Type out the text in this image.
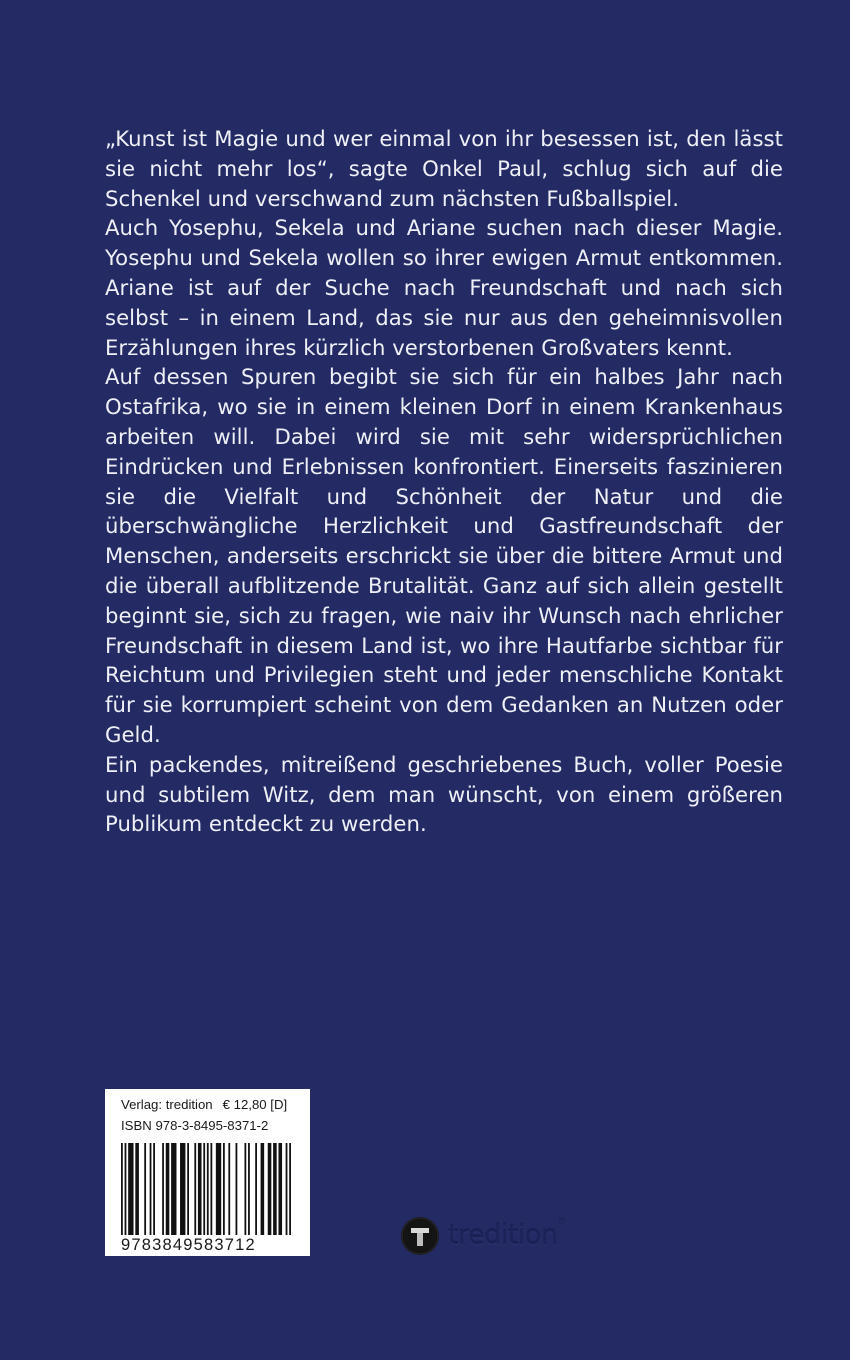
„Kunst ist Magie und wer einmal von ihr besessen ist, den lässt sie nicht mehr los“, sagte Onkel Paul, schlug sich auf die Schenkel und verschwand zum nächsten Fußballspiel.

Auch Yosephu, Sekela und Ariane suchen nach dieser Magie. Yosephu und Sekela wollen so ihrer ewigen Armut entkommen. Ariane ist auf der Suche nach Freundschaft und nach sich selbst – in einem Land, das sie nur aus den geheimnisvollen Erzählungen ihres kürzlich verstorbenen Großvaters kennt.

Auf dessen Spuren begibt sie sich für ein halbes Jahr nach Ostafrika, wo sie in einem kleinen Dorf in einem Krankenhaus arbeiten will. Dabei wird sie mit sehr widersprüchlichen Eindrücken und Erlebnissen konfrontiert. Einerseits faszinieren sie die Vielfalt und Schönheit der Natur und die überschwängliche Herzlichkeit und Gastfreundschaft der Menschen, anderseits erschrickt sie über die bittere Armut und die überall aufblitzende Brutalität. Ganz auf sich allein gestellt beginnt sie, sich zu fragen, wie naiv ihr Wunsch nach ehrlicher Freundschaft in diesem Land ist, wo ihre Hautfarbe sichtbar für Reichtum und Privilegien steht und jeder menschliche Kontakt für sie korrumpiert scheint von dem Gedanken an Nutzen oder Geld.

Ein packendes, mitreißend geschriebenes Buch, voller Poesie und subtilem Witz, dem man wünscht, von einem größeren Publikum entdeckt zu werden.

Verlag: tredition € 12,80 [D]
ISBN 978-3-8495-8371-2
9783849583712	tredition®
